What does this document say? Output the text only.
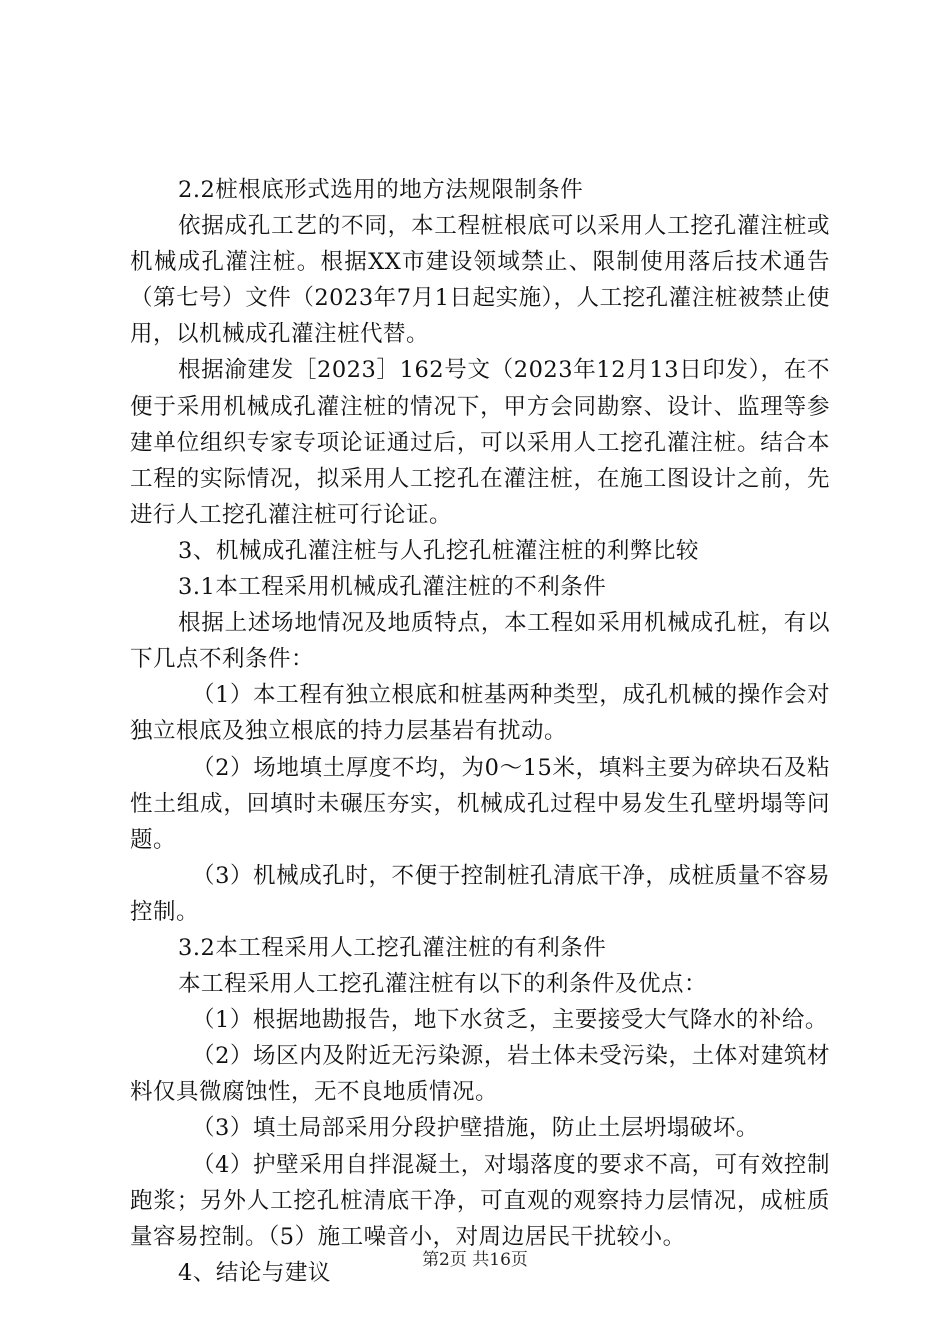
2.2桩根底形式选用的地方法规限制条件

依据成孔工艺的不同，本工程桩根底可以采用人工挖孔灌注桩或机械成孔灌注桩。根据XX市建设领域禁止、限制使用落后技术通告（第七号）文件（2023年7月1日起实施），人工挖孔灌注桩被禁止使用，以机械成孔灌注桩代替。

根据渝建发［2023］162号文（2023年12月13日印发），在不便于采用机械成孔灌注桩的情况下，甲方会同勘察、设计、监理等参建单位组织专家专项论证通过后，可以采用人工挖孔灌注桩。结合本工程的实际情况，拟采用人工挖孔在灌注桩，在施工图设计之前，先进行人工挖孔灌注桩可行论证。

3、机械成孔灌注桩与人孔挖孔桩灌注桩的利弊比较

3.1本工程采用机械成孔灌注桩的不利条件

根据上述场地情况及地质特点，本工程如采用机械成孔桩，有以下几点不利条件：

（1）本工程有独立根底和桩基两种类型，成孔机械的操作会对独立根底及独立根底的持力层基岩有扰动。

（2）场地填土厚度不均，为0～15米，填料主要为碎块石及粘性土组成，回填时未碾压夯实，机械成孔过程中易发生孔壁坍塌等问题。

（3）机械成孔时，不便于控制桩孔清底干净，成桩质量不容易控制。

3.2本工程采用人工挖孔灌注桩的有利条件

本工程采用人工挖孔灌注桩有以下的利条件及优点：

（1）根据地勘报告，地下水贫乏，主要接受大气降水的补给。

（2）场区内及附近无污染源，岩土体未受污染，土体对建筑材料仅具微腐蚀性，无不良地质情况。

（3）填土局部采用分段护壁措施，防止土层坍塌破坏。

（4）护壁采用自拌混凝土，对塌落度的要求不高，可有效控制跑浆；另外人工挖孔桩清底干净，可直观的观察持力层情况，成桩质量容易控制。（5）施工噪音小，对周边居民干扰较小。

4、结论与建议	第2页 共16页
